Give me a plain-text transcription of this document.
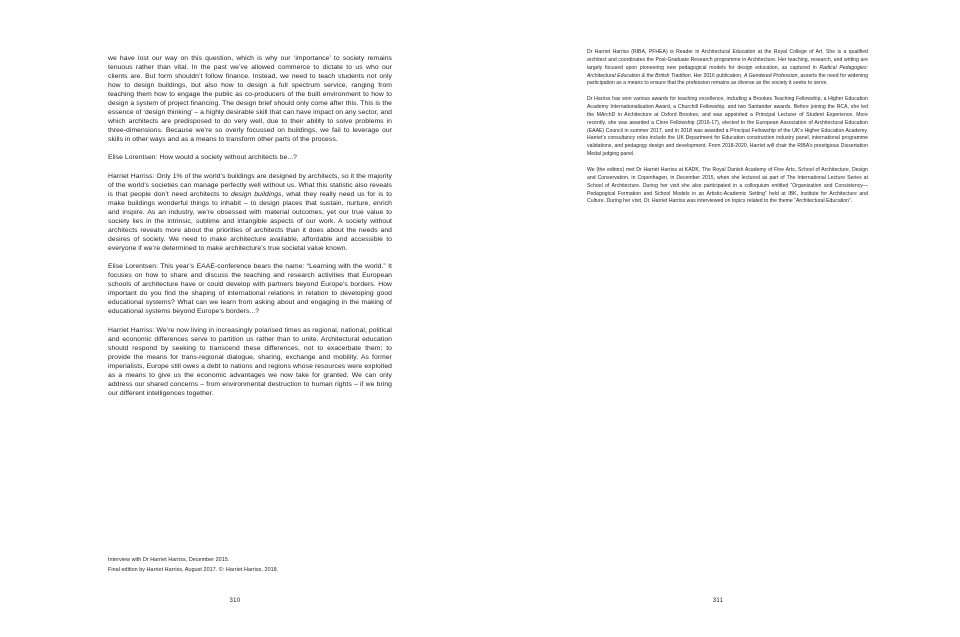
we have lost our way on this question, which is why our ‘importance’ to society remains tenuous rather than vital. In the past we’ve allowed commerce to dictate to us who our clients are. But form shouldn’t follow finance. Instead, we need to teach students not only how to design buildings, but also how to design a full spectrum service, ranging from teaching them how to engage the public as co-producers of the built environment to how to design a system of project financing. The design brief should only come after this. This is the essence of ‘design thinking’ – a highly desirable skill that can have impact on any sector, and which architects are predisposed to do very well, due to their ability to solve problems in three-dimensions. Because we’re so overly focussed on buildings, we fail to leverage our skills in other ways and as a means to transform other parts of the process.

Elise Lorentsen: How would a society without architects be...?

Harriet Harriss: Only 1% of the world’s buildings are designed by architects, so it the majority of the world’s societies can manage perfectly well without us. What this statistic also reveals is that people don’t need architects to design buildings, what they really need us for is to make buildings wonderful things to inhabit – to design places that sustain, nurture, enrich and inspire. As an industry, we’re obsessed with material outcomes, yet our true value to society lies in the intrinsic, sublime and intangible aspects of our work. A society without architects reveals more about the priorities of architects than it does about the needs and desires of society. We need to make architecture available, affordable and accessible to everyone if we’re determined to make architecture’s true societal value known.

Elise Lorentsen: This year’s EAAE-conference bears the name: “Learning with the world.” It focuses on how to share and discuss the teaching and research activities that European schools of architecture have or could develop with partners beyond Europe’s borders. How important do you find the shaping of international relations in relation to developing good educational systems? What can we learn from asking about and engaging in the making of educational systems beyond Europe’s borders...?

Harriet Harriss: We’re now living in increasingly polarised times as regional, national, political and economic differences serve to partition us rather than to unite. Architectural education should respond by seeking to transcend these differences, not to exacerbate them: to provide the means for trans-regional dialogue, sharing, exchange and mobility. As former imperialists, Europe still owes a debt to nations and regions whose resources were exploited as a means to give us the economic advantages we now take for granted. We can only address our shared concerns – from environmental destruction to human rights – if we bring our different intelligences together.

Interview with Dr Harriet Harriss, December 2015.
Final edition by Harriet Harriss, August 2017. ©: Harriet Harriss, 2018.
310

Dr Harriet Harriss (RIBA, PFHEA) is Reader in Architectural Education at the Royal College of Art. She is a qualified architect and coordinates the Post-Graduate Research programme in Architecture. Her teaching, research, and writing are largely focused upon pioneering new pedagogical models for design education, as captured in Radical Pedagogies: Architectural Education & the British Tradition. Her 2016 publication, A Gendered Profession, asserts the need for widening participation as a means to ensure that the profession remains as diverse as the society it seeks to serve.

Dr Harriss has won various awards for teaching excellence, including a Brookes Teaching Fellowship, a Higher Education Academy Internationalisation Award, a Churchill Fellowship, and two Santander awards. Before joining the RCA, she led the MArchD in Architecture at Oxford Brookes, and was appointed a Principal Lecturer of Student Experience. More recently, she was awarded a Clore Fellowship (2016-17), elected to the European Association of Architectural Education (EAAE) Council in summer 2017, and in 2018 was awarded a Principal Fellowship of the UK’s Higher Education Academy. Harriet’s consultancy roles include the UK Department for Education construction industry panel, international programme validations, and pedagogy design and development. From 2018-2020, Harriet will chair the RIBA’s prestigious Dissertation Medal judging panel.

We (the editors) met Dr Harriet Harriss at KADK, The Royal Danish Academy of Fine Arts, School of Architecture, Design and Conservation, in Copenhagen, in December 2015, when she lectured as part of The International Lecture Series at School of Architecture. During her visit she also participated in a colloquium entitled “Organization and Consistency—Pedagogical Formation and School Models in an Artistic-Academic Setting” held at IBK, Institute for Architecture and Culture. During her visit, Dr. Harriet Harriss was interviewed on topics related to the theme “Architectural Education”.

311
